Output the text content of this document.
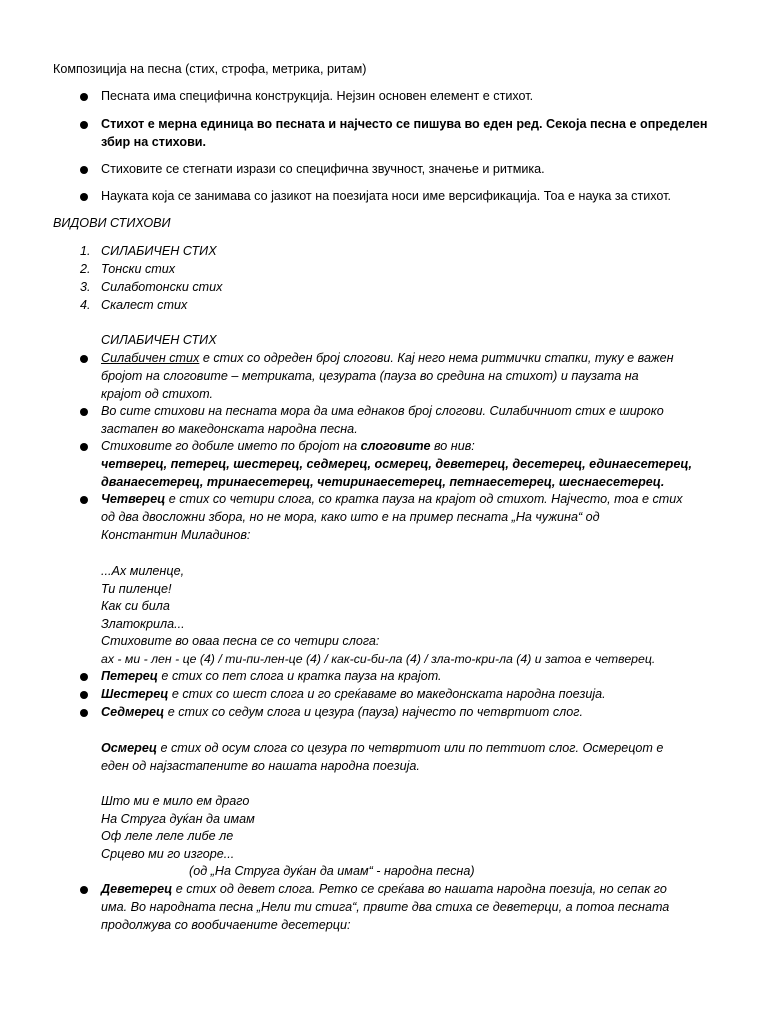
Композиција на песна (стих, строфа, метрика, ритам)
Песната има специфична конструкција. Нејзин основен елемент е стихот.
Стихот е мерна единица во песната и најчесто се пишува во еден ред. Секоја песна е определен
збир на стихови.
Стиховите се стегнати изрази со специфична звучност, значење и ритмика.
Науката која се занимава со јазикот на поезијата носи име версификација. Тоа е наука за стихот.
ВИДОВИ СТИХОВИ
1. СИЛАБИЧЕН СТИХ
2. Тонски стих
3. Силаботонски стих
4. Скалест стих
СИЛАБИЧЕН СТИХ
Силабичен стих е стих со одреден број слогови. Кај него нема ритмички стапки, туку е важен
бројот на слоговите – метриката, цезурата (пауза во средина на стихот) и паузата на
крајот од стихот.
Во сите стихови на песната мора да има еднаков број слогови. Силабичниот стих е широко
застапен во македонската народна песна.
Стиховите го добиле името по бројот на слоговите во нив:
четверец, петерец, шестерец, седмерец, осмерец, деветерец, десетерец, единаесетерец,
дванаесетерец, тринаесетерец, четиринаесетерец, петнаесетерец, шеснаесетерец.
Четверец е стих со четири слога, со кратка пауза на крајот од стихот. Најчесто, тоа е стих
од два двосложни збора, но не мора, како што е на пример песната „На чужина“ од
Константин Миладинов:
...Ах миленце,
Ти пиленце!
Как си била
Златокрила...
Стиховите во оваа песна се со четири слога:
ах - ми - лен - це (4) / ти-пи-лен-це (4) / как-си-би-ла (4) / зла-то-кри-ла (4) и затоа е четверец.
Петерец е стих со пет слога и кратка пауза на крајот.
Шестерец е стих со шест слога и го среќаваме во македонската народна поезија.
Седмерец е стих со седум слога и цезура (пауза) најчесто по четвртиот слог.
Осмерец е стих од осум слога со цезура по четвртиот или по петтиот слог. Осмерецот е
еден од најзастапените во нашата народна поезија.
Што ми е мило ем драго
На Струга дуќан да имам
Оф леле леле либе ле
Срцево ми го изгоре...
(од „На Струга дуќан да имам“ - народна песна)
Деветерец е стих од девет слога. Ретко се среќава во нашата народна поезија, но сепак го
има. Во народната песна „Нели ти стига“, првите два стиха се деветерци, а потоа песната
продолжува со вообичаените десетерци:
